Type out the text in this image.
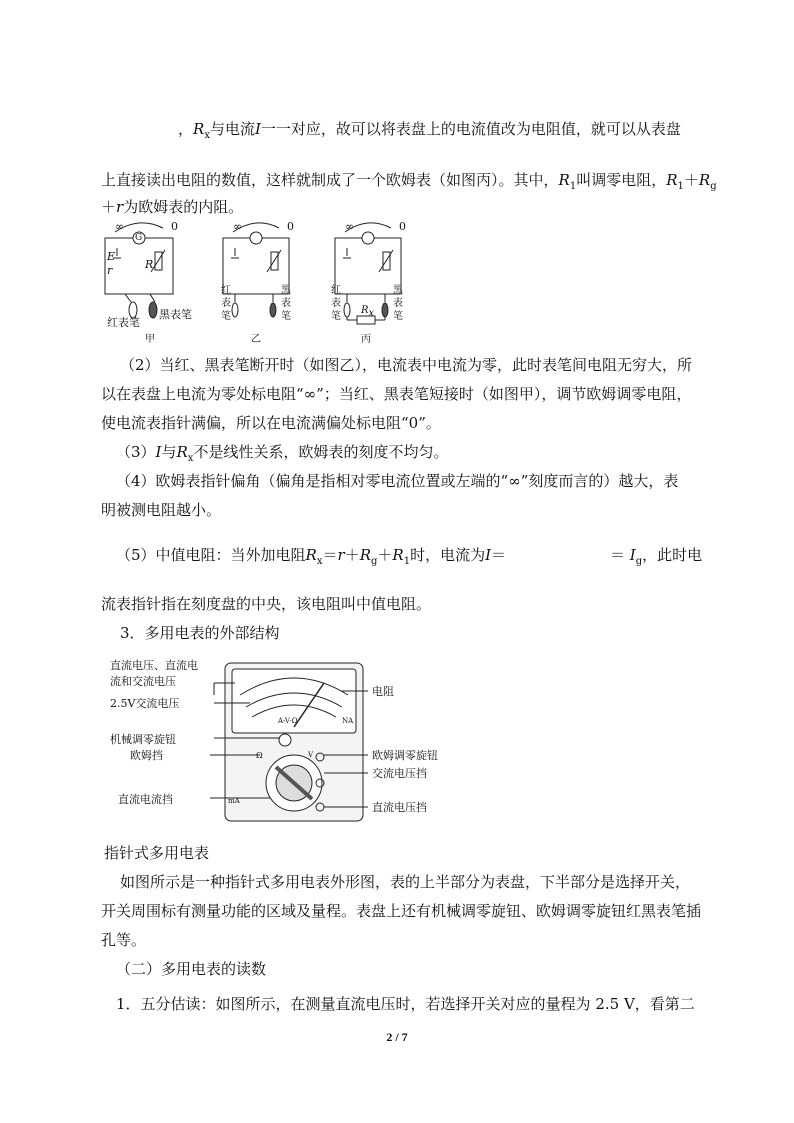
，$R_x$与电流I一一对应，故可以将表盘上的电流值改为电阻值，就可以从表盘
上直接读出电阻的数值，这样就制成了一个欧姆表（如图丙）。其中，$R_1$叫调零电阻，$R_1+R_g$
＋r为欧姆表的内阻。
∞	0
G
E
r	R
红表笔
黑表笔
∞	0	∞	0
红表笔
黑表笔
红表笔
黑表笔
$R_x$
甲	乙	丙
（2）当红、黑表笔断开时（如图乙），电流表中电流为零，此时表笔间电阻无穷大，所
以在表盘上电流为零处标电阻“∞”；当红、黑表笔短接时（如图甲），调节欧姆调零电阻，
使电流表指针满偏，所以在电流满偏处标电阻“0”。
（3）I与$R_x$不是线性关系，欧姆表的刻度不均匀。
（4）欧姆表指针偏角（偏角是指相对零电流位置或左端的“∞”刻度而言的）越大，表
明被测电阻越小。
（5）中值电阻：当外加电阻$R_x=r+R_g+R_1$时，电流为I＝	＝ $I_g$，此时电
流表指针指在刻度盘的中央，该电阻叫中值电阻。
3．多用电表的外部结构
直流电压、直流电
流和交流电压
2.5V交流电压
机械调零旋钮
欧姆挡
直流电流挡
电阻
欧姆调零旋钮
交流电压挡
直流电压挡
A-V-Ω	NA
Ω
mA
V
指针式多用电表
如图所示是一种指针式多用电表外形图，表的上半部分为表盘，下半部分是选择开关，
开关周围标有测量功能的区域及量程。表盘上还有机械调零旋钮、欧姆调零旋钮红黑表笔插
孔等。
（二）多用电表的读数
1．五分估读：如图所示，在测量直流电压时，若选择开关对应的量程为 2.5 V，看第二
2 / 7
